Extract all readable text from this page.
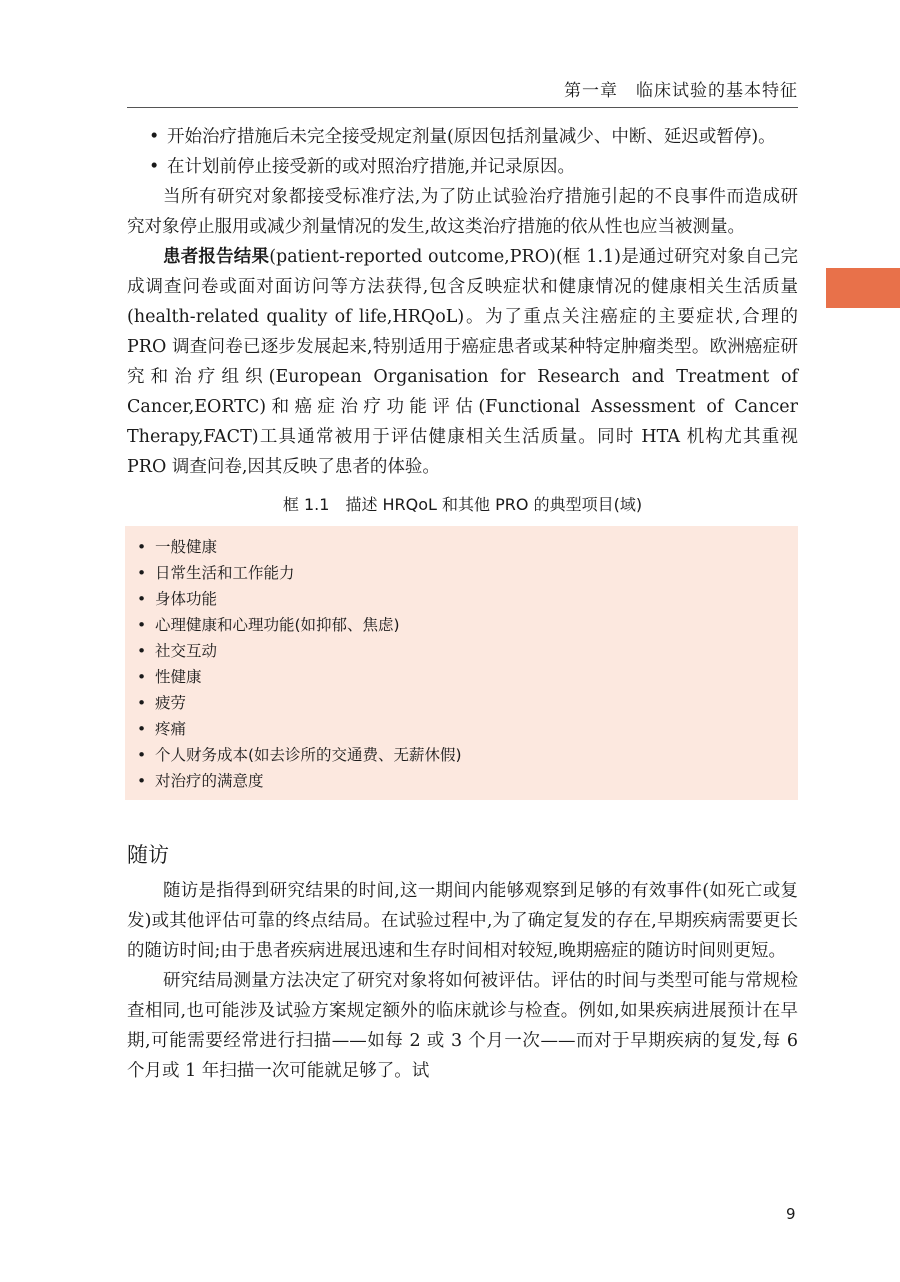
第一章　临床试验的基本特征

• 开始治疗措施后未完全接受规定剂量(原因包括剂量减少、中断、延迟或暂停)。

• 在计划前停止接受新的或对照治疗措施,并记录原因。

当所有研究对象都接受标准疗法,为了防止试验治疗措施引起的不良事件而造成研究对象停止服用或减少剂量情况的发生,故这类治疗措施的依从性也应当被测量。

患者报告结果(patient-reported outcome,PRO)(框 1.1)是通过研究对象自己完成调查问卷或面对面访问等方法获得,包含反映症状和健康情况的健康相关生活质量(health-related quality of life,HRQoL)。为了重点关注癌症的主要症状,合理的 PRO 调查问卷已逐步发展起来,特别适用于癌症患者或某种特定肿瘤类型。欧洲癌症研究和治疗组织(European Organisation for Research and Treatment of Cancer,EORTC)和癌症治疗功能评估(Functional Assessment of Cancer Therapy,FACT)工具通常被用于评估健康相关生活质量。同时 HTA 机构尤其重视 PRO 调查问卷,因其反映了患者的体验。

框 1.1　描述 HRQoL 和其他 PRO 的典型项目(域)
• 一般健康
• 日常生活和工作能力
• 身体功能
• 心理健康和心理功能(如抑郁、焦虑)
• 社交互动
• 性健康
• 疲劳
• 疼痛
• 个人财务成本(如去诊所的交通费、无薪休假)
• 对治疗的满意度
随访

随访是指得到研究结果的时间,这一期间内能够观察到足够的有效事件(如死亡或复发)或其他评估可靠的终点结局。在试验过程中,为了确定复发的存在,早期疾病需要更长的随访时间;由于患者疾病进展迅速和生存时间相对较短,晚期癌症的随访时间则更短。

研究结局测量方法决定了研究对象将如何被评估。评估的时间与类型可能与常规检查相同,也可能涉及试验方案规定额外的临床就诊与检查。例如,如果疾病进展预计在早期,可能需要经常进行扫描——如每 2 或 3 个月一次——而对于早期疾病的复发,每 6 个月或 1 年扫描一次可能就足够了。试

9
